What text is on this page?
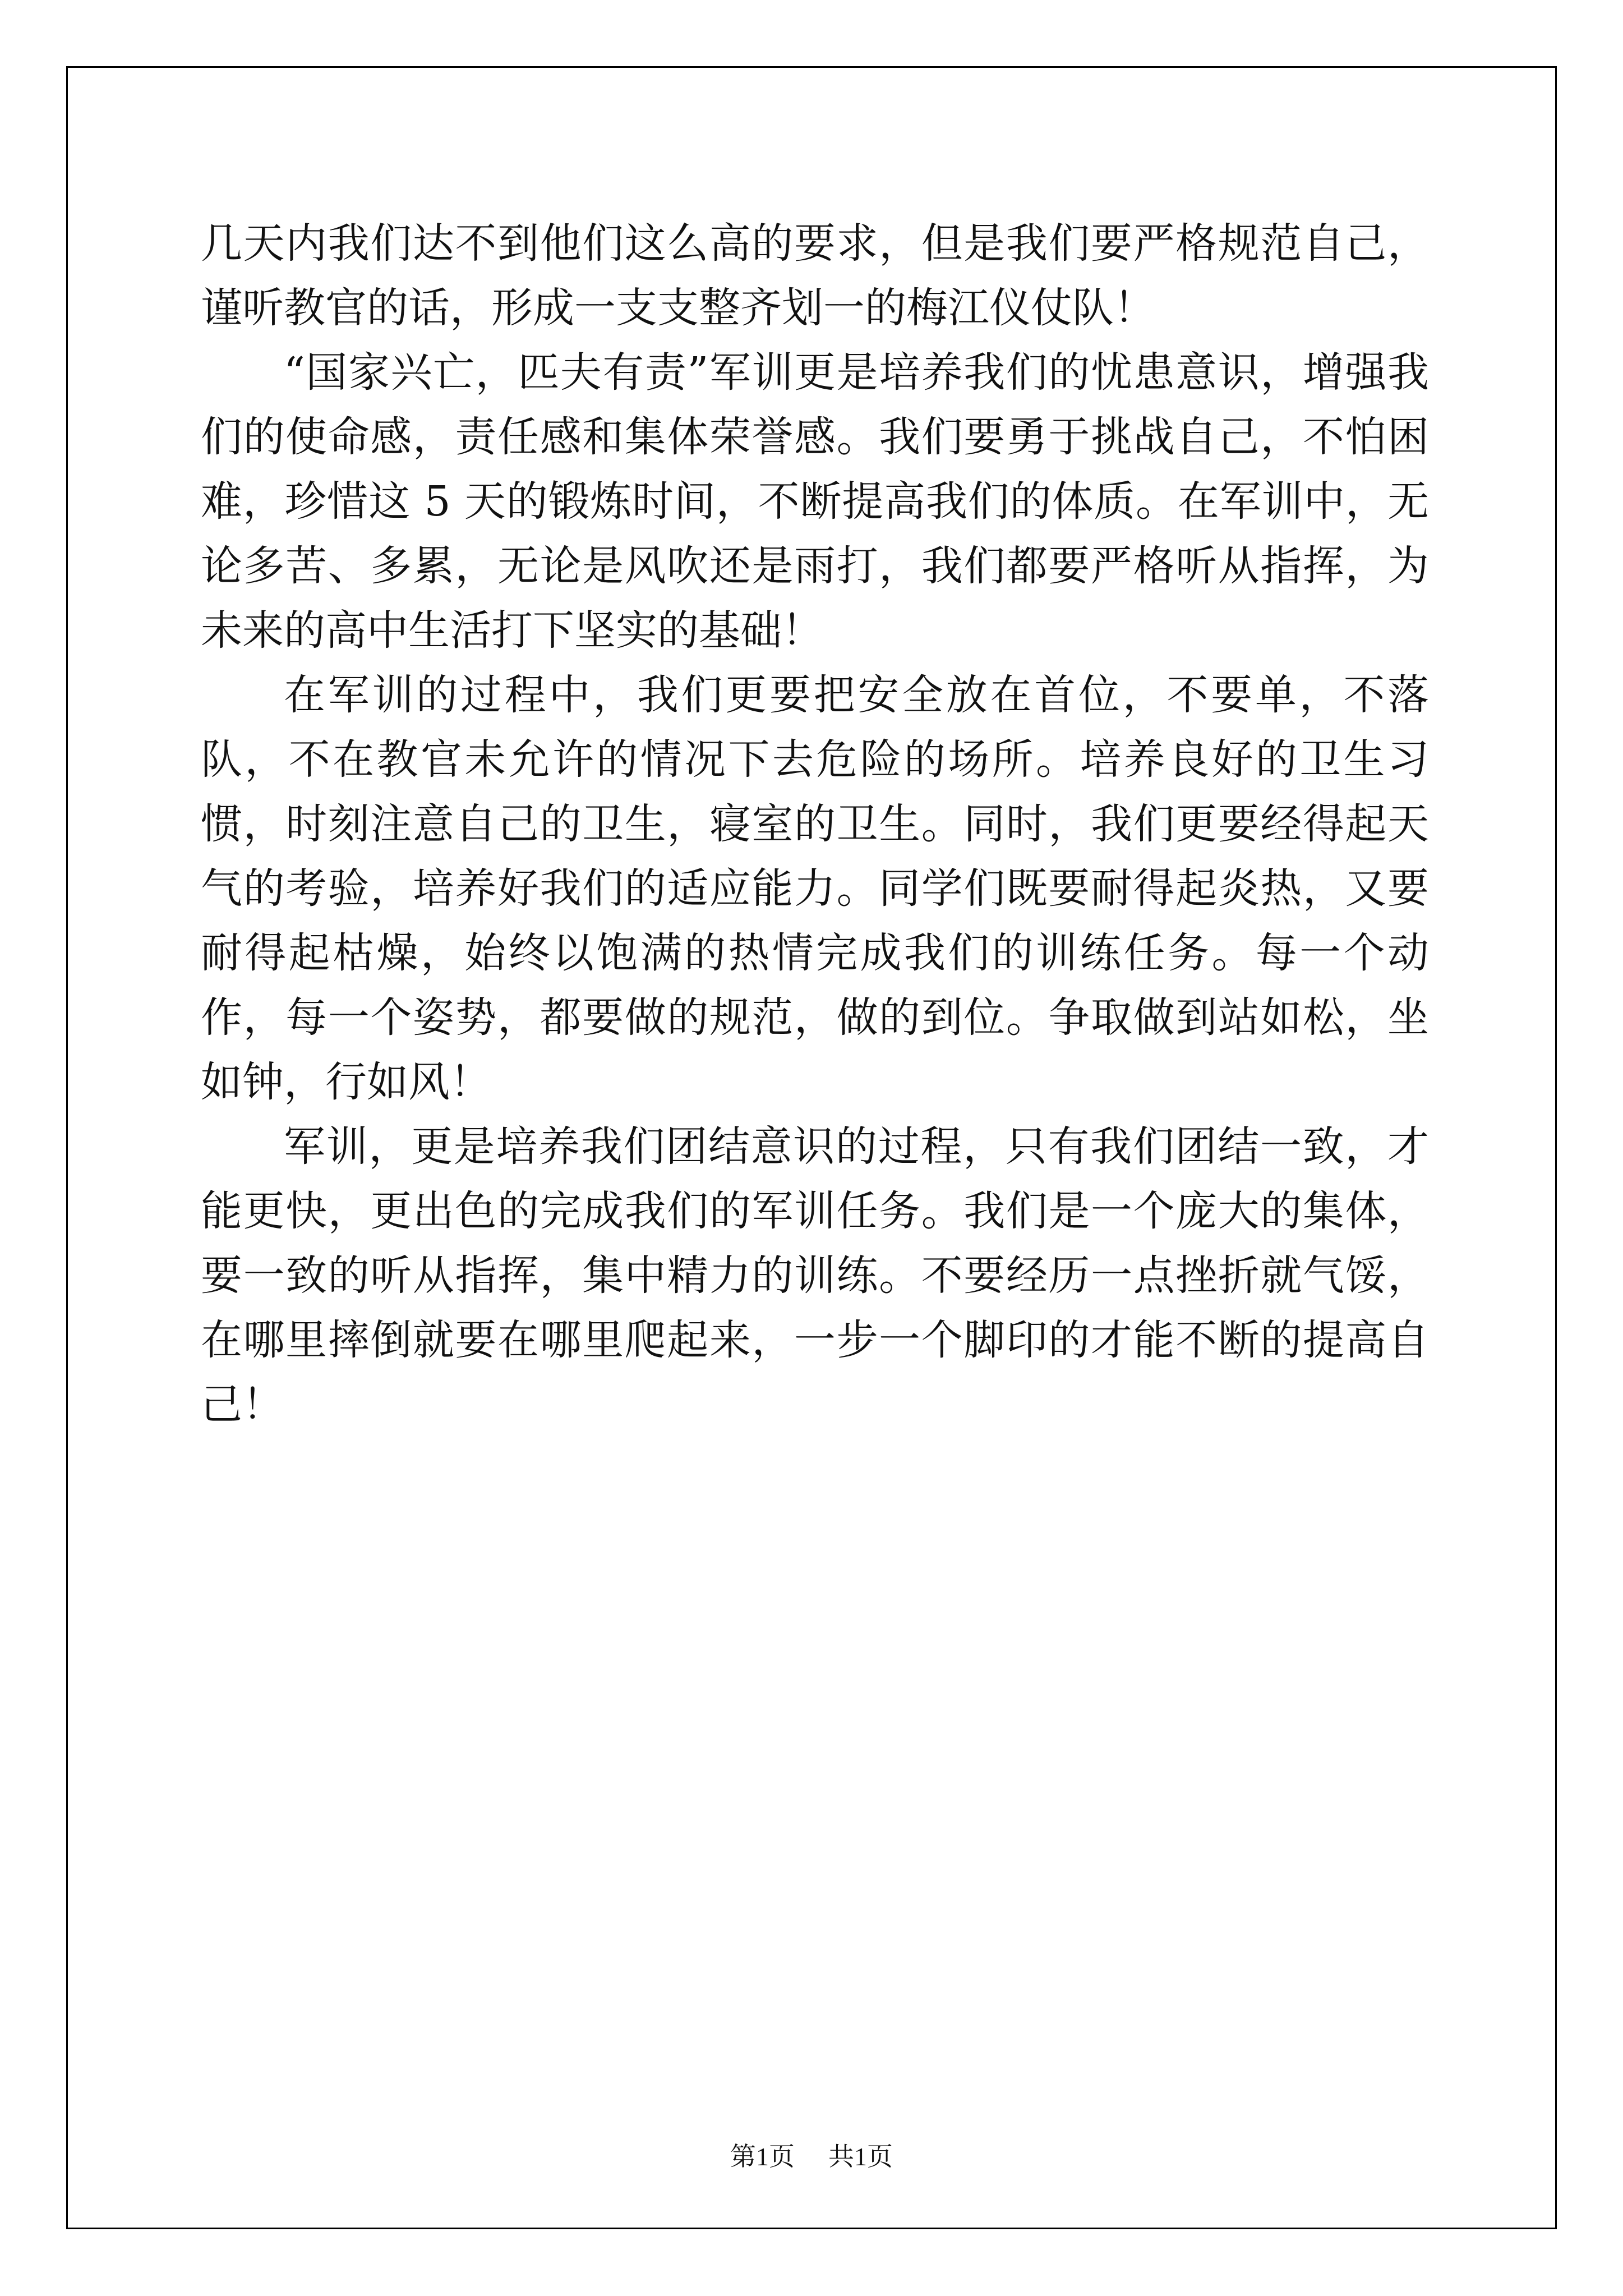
几天内我们达不到他们这么高的要求，但是我们要严格规范自己，谨听教官的话，形成一支支整齐划一的梅江仪仗队！

“国家兴亡，匹夫有责”军训更是培养我们的忧患意识，增强我们的使命感，责任感和集体荣誉感。我们要勇于挑战自己，不怕困难，珍惜这 5 天的锻炼时间，不断提高我们的体质。在军训中，无论多苦、多累，无论是风吹还是雨打，我们都要严格听从指挥，为未来的高中生活打下坚实的基础！

在军训的过程中，我们更要把安全放在首位，不要单，不落队，不在教官未允许的情况下去危险的场所。培养良好的卫生习惯，时刻注意自己的卫生，寝室的卫生。同时，我们更要经得起天气的考验，培养好我们的适应能力。同学们既要耐得起炎热，又要耐得起枯燥，始终以饱满的热情完成我们的训练任务。每一个动作，每一个姿势，都要做的规范，做的到位。争取做到站如松，坐如钟，行如风！

军训，更是培养我们团结意识的过程，只有我们团结一致，才能更快，更出色的完成我们的军训任务。我们是一个庞大的集体，要一致的听从指挥，集中精力的训练。不要经历一点挫折就气馁，在哪里摔倒就要在哪里爬起来，一步一个脚印的才能不断的提高自己！

第1页 共1页
